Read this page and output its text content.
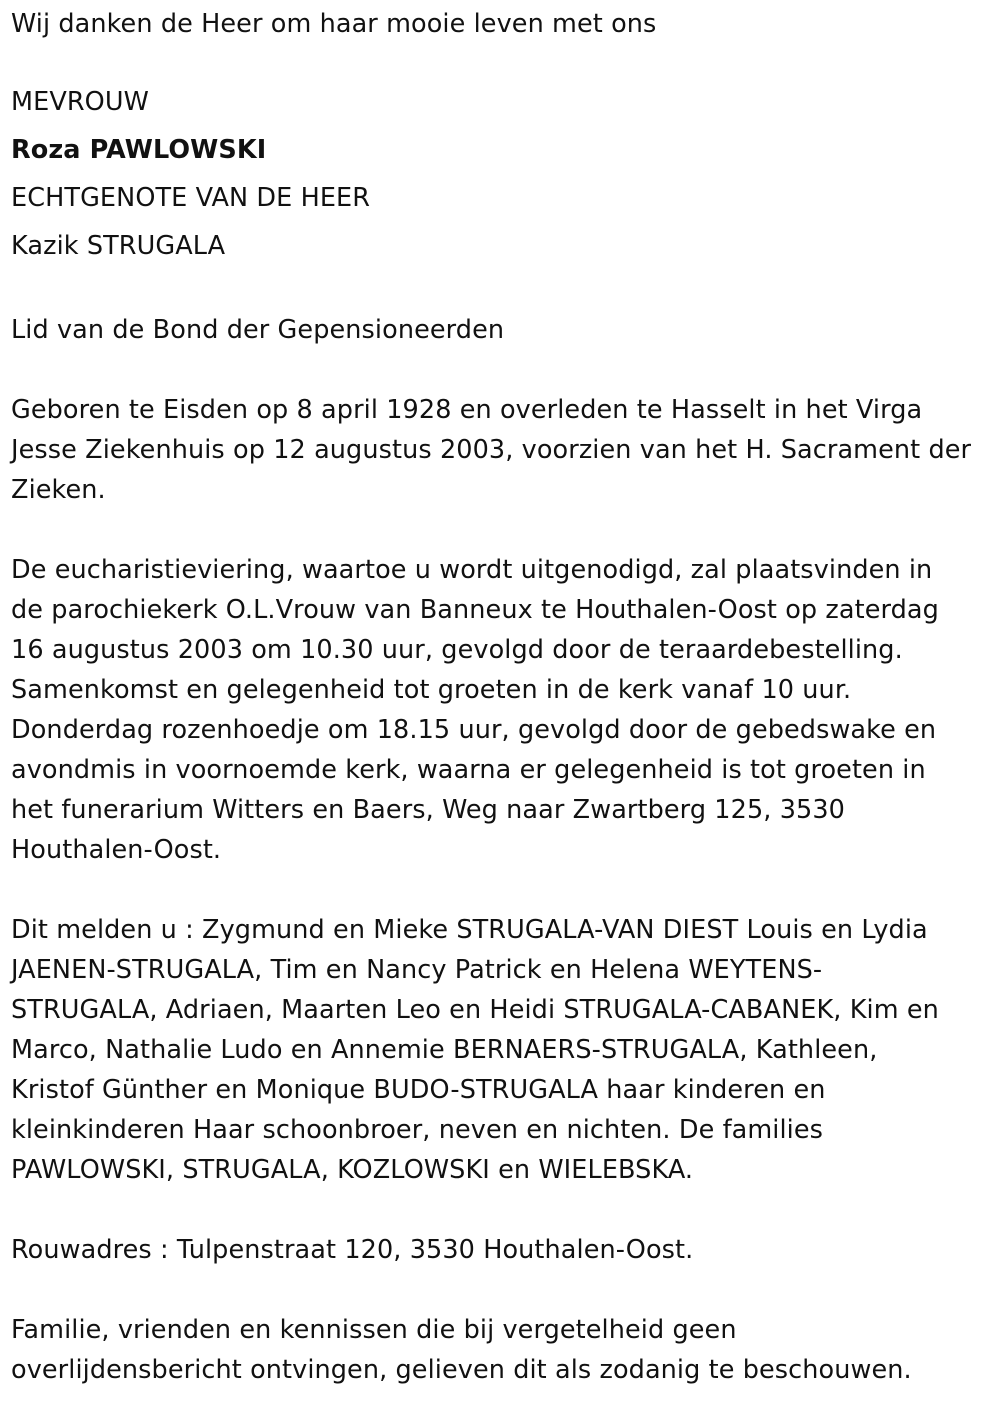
Wij danken de Heer om haar mooie leven met ons
MEVROUW
Roza PAWLOWSKI
ECHTGENOTE VAN DE HEER
Kazik STRUGALA
Lid van de Bond der Gepensioneerden
Geboren te Eisden op 8 april 1928 en overleden te Hasselt in het Virga
Jesse Ziekenhuis op 12 augustus 2003, voorzien van het H. Sacrament der
Zieken.
De eucharistieviering, waartoe u wordt uitgenodigd, zal plaatsvinden in
de parochiekerk O.L.Vrouw van Banneux te Houthalen-Oost op zaterdag
16 augustus 2003 om 10.30 uur, gevolgd door de teraardebestelling.
Samenkomst en gelegenheid tot groeten in de kerk vanaf 10 uur.
Donderdag rozenhoedje om 18.15 uur, gevolgd door de gebedswake en
avondmis in voornoemde kerk, waarna er gelegenheid is tot groeten in
het funerarium Witters en Baers, Weg naar Zwartberg 125, 3530
Houthalen-Oost.
Dit melden u : Zygmund en Mieke STRUGALA-VAN DIEST Louis en Lydia
JAENEN-STRUGALA, Tim en Nancy Patrick en Helena WEYTENS-
STRUGALA, Adriaen, Maarten Leo en Heidi STRUGALA-CABANEK, Kim en
Marco, Nathalie Ludo en Annemie BERNAERS-STRUGALA, Kathleen,
Kristof Günther en Monique BUDO-STRUGALA haar kinderen en
kleinkinderen Haar schoonbroer, neven en nichten. De families
PAWLOWSKI, STRUGALA, KOZLOWSKI en WIELEBSKA.
Rouwadres : Tulpenstraat 120, 3530 Houthalen-Oost.
Familie, vrienden en kennissen die bij vergetelheid geen
overlijdensbericht ontvingen, gelieven dit als zodanig te beschouwen.
